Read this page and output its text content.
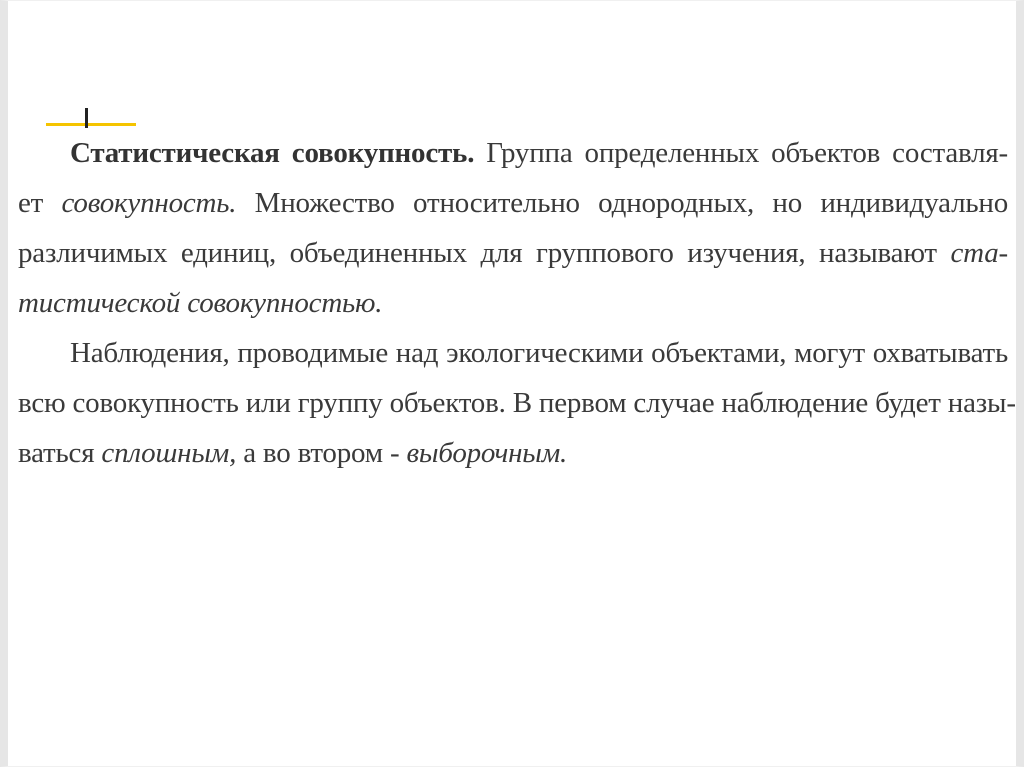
Статистическая совокупность. Группа определенных объектов составля-
ет совокупность. Множество относительно однородных, но индивидуально
различимых единиц, объединенных для группового изучения, называют ста-
тистической совокупностью.
Наблюдения, проводимые над экологическими объектами, могут охватывать
всю совокупность или группу объектов. В первом случае наблюдение будет назы-
ваться сплошным, а во втором - выборочным.
